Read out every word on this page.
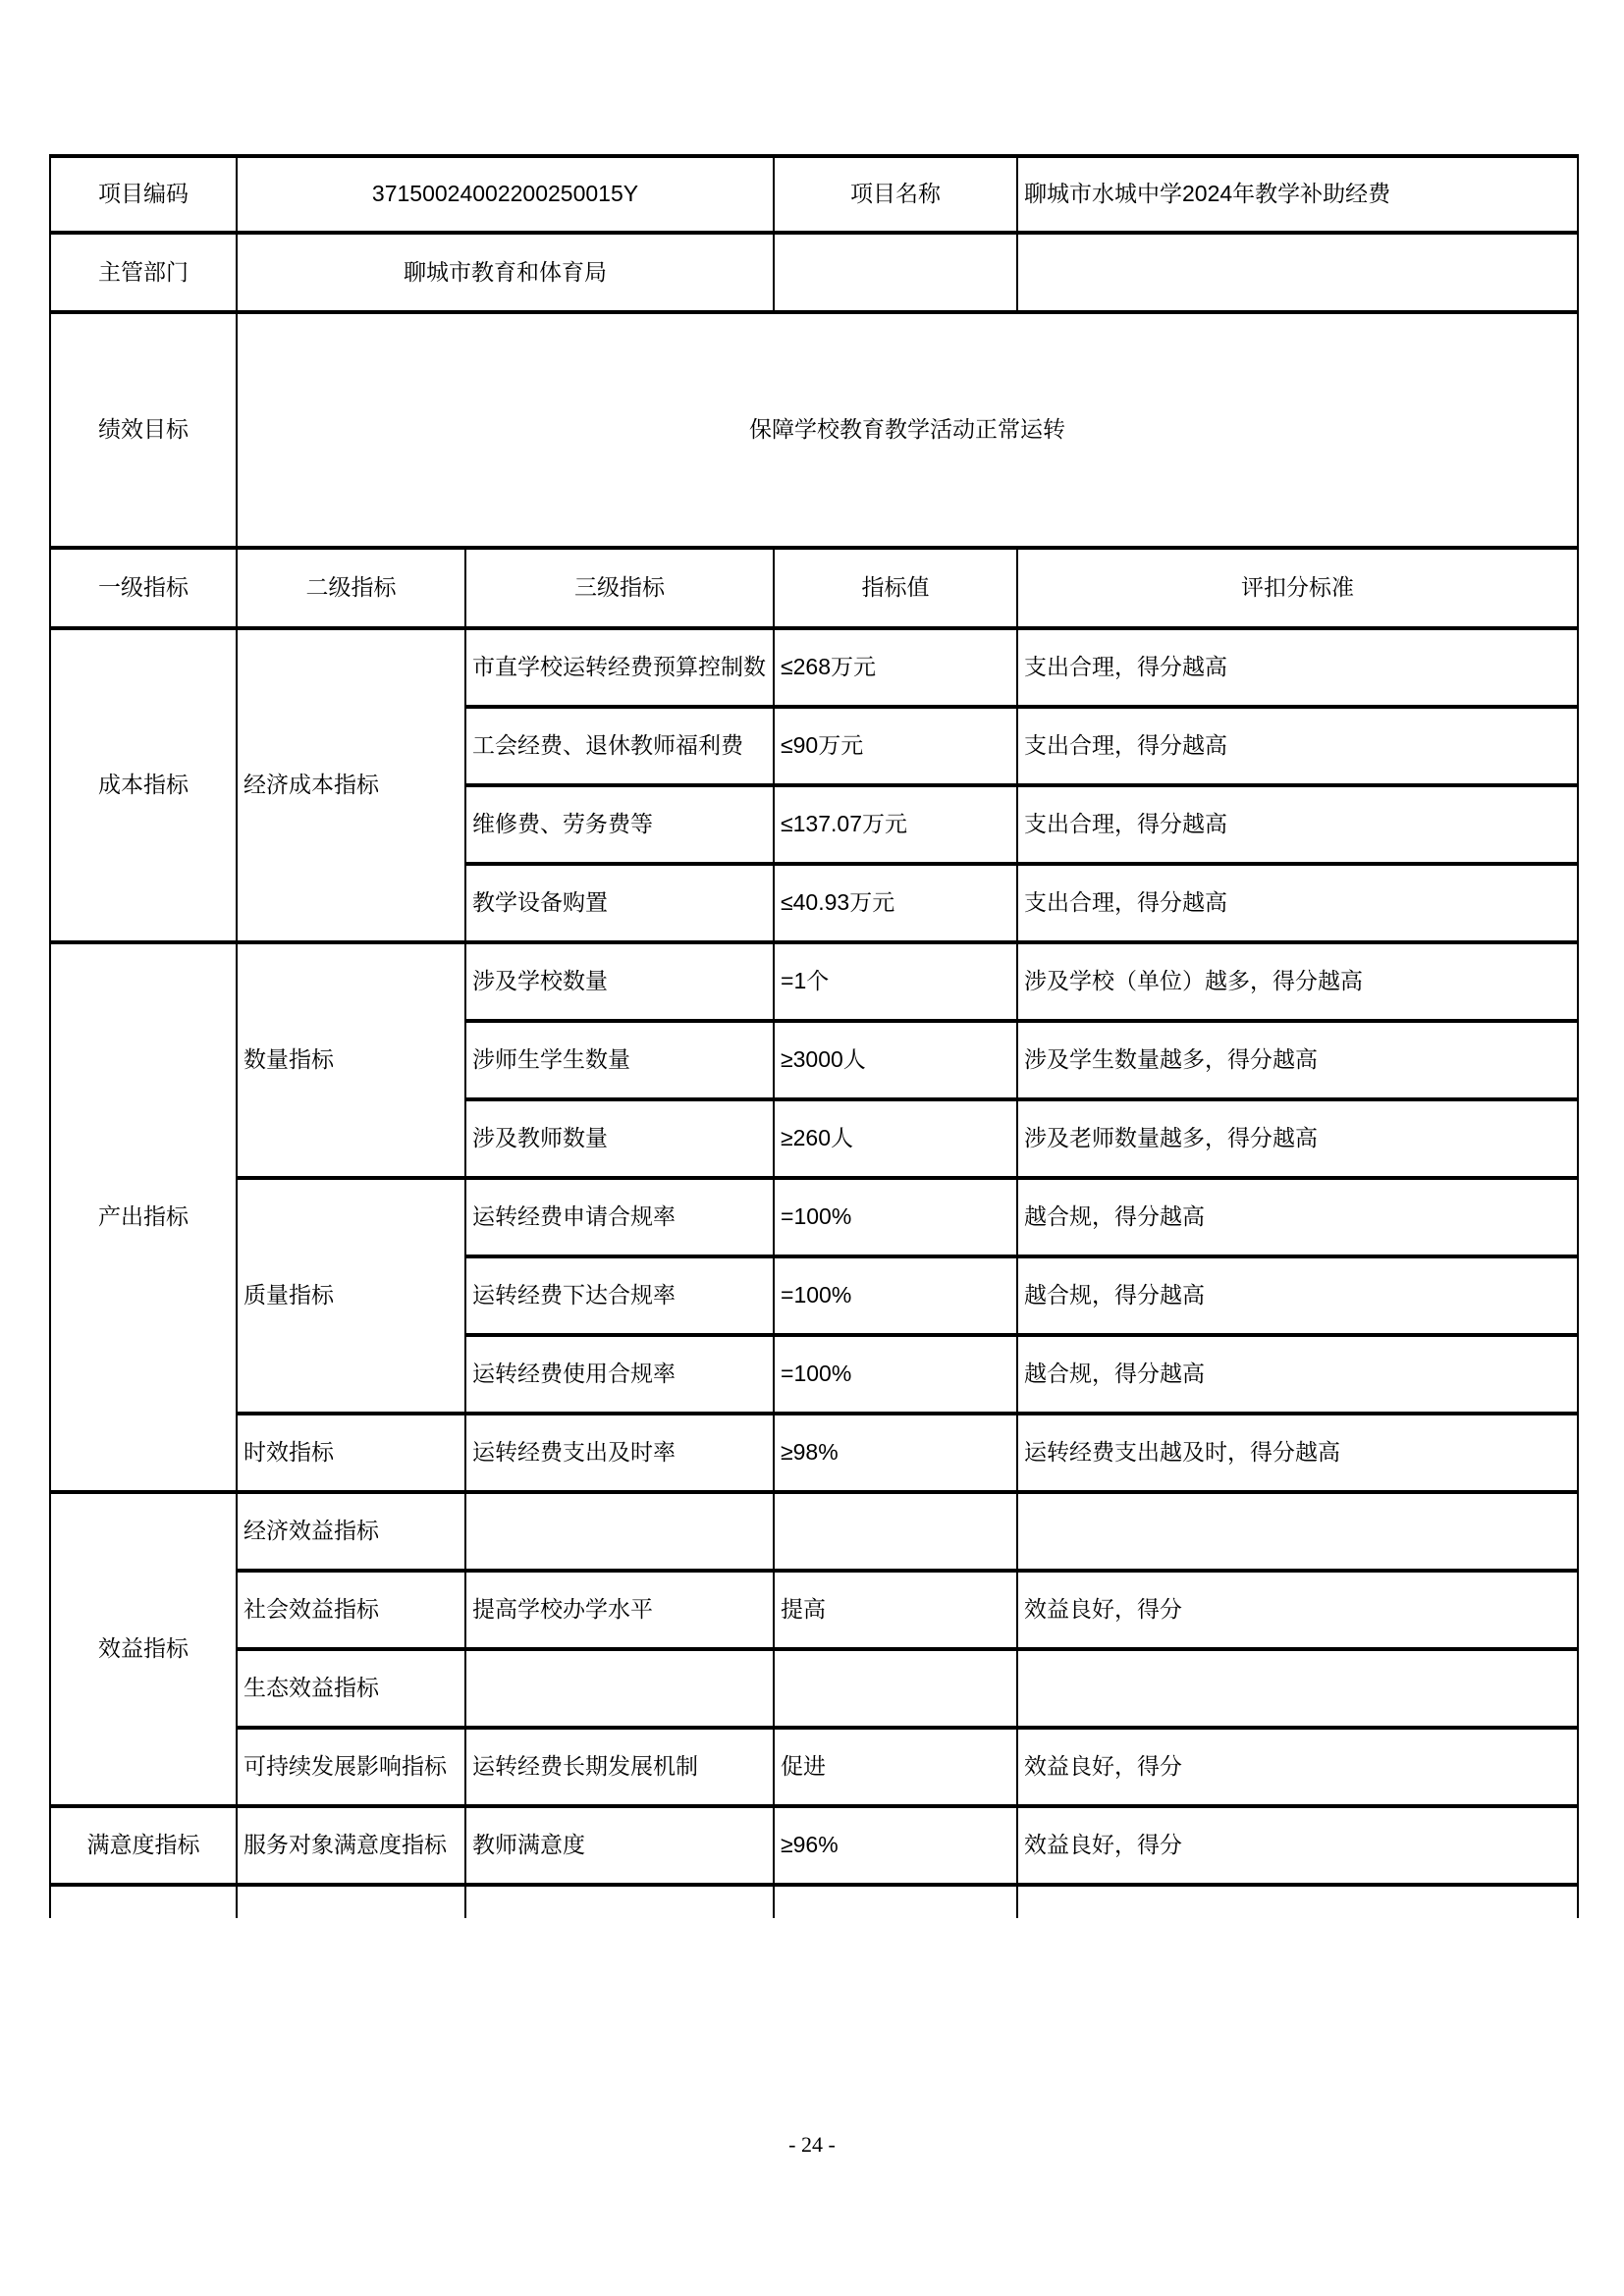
项目编码	37150024002200250015Y		项目名称	聊城市水城中学2024年教学补助经费
主管部门	聊城市教育和体育局			
绩效目标	保障学校教育教学活动正常运转			
一级指标	二级指标	三级指标	指标值	评扣分标准
成本指标	经济成本指标	市直学校运转经费预算控制数	≤268万元	支出合理，得分越高
		工会经费、退休教师福利费	≤90万元	支出合理，得分越高
		维修费、劳务费等	≤137.07万元	支出合理，得分越高
		教学设备购置	≤40.93万元	支出合理，得分越高
产出指标	数量指标	涉及学校数量	=1个	涉及学校（单位）越多，得分越高
		涉师生学生数量	≥3000人	涉及学生数量越多，得分越高
		涉及教师数量	≥260人	涉及老师数量越多，得分越高
	质量指标	运转经费申请合规率	=100%	越合规，得分越高
		运转经费下达合规率	=100%	越合规，得分越高
		运转经费使用合规率	=100%	越合规，得分越高
	时效指标	运转经费支出及时率	≥98%	运转经费支出越及时，得分越高
效益指标	经济效益指标			
	社会效益指标	提高学校办学水平	提高	效益良好，得分
	生态效益指标			
	可持续发展影响指标	运转经费长期发展机制	促进	效益良好，得分
满意度指标	服务对象满意度指标	教师满意度	≥96%	效益良好，得分

- 24 -
